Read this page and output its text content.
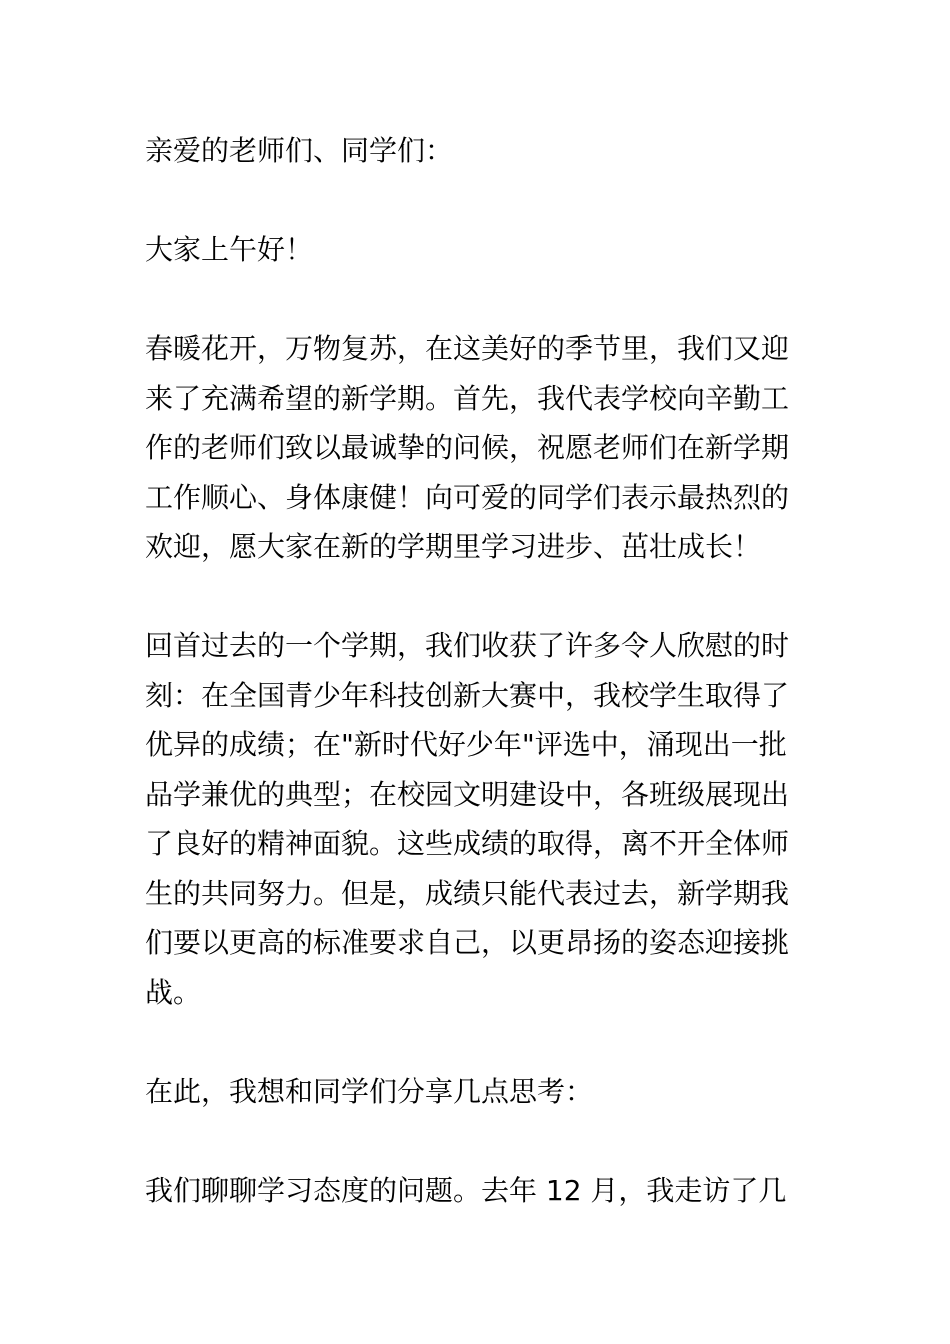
亲爱的老师们、同学们：

大家上午好！

春暖花开，万物复苏，在这美好的季节里，我们又迎
来了充满希望的新学期。首先，我代表学校向辛勤工
作的老师们致以最诚挚的问候，祝愿老师们在新学期
工作顺心、身体康健！向可爱的同学们表示最热烈的
欢迎，愿大家在新的学期里学习进步、茁壮成长！

回首过去的一个学期，我们收获了许多令人欣慰的时
刻：在全国青少年科技创新大赛中，我校学生取得了
优异的成绩；在"新时代好少年"评选中，涌现出一批
品学兼优的典型；在校园文明建设中，各班级展现出
了良好的精神面貌。这些成绩的取得，离不开全体师
生的共同努力。但是，成绩只能代表过去，新学期我
们要以更高的标准要求自己，以更昂扬的姿态迎接挑
战。

在此，我想和同学们分享几点思考：

我们聊聊学习态度的问题。去年 12 月，我走访了几
